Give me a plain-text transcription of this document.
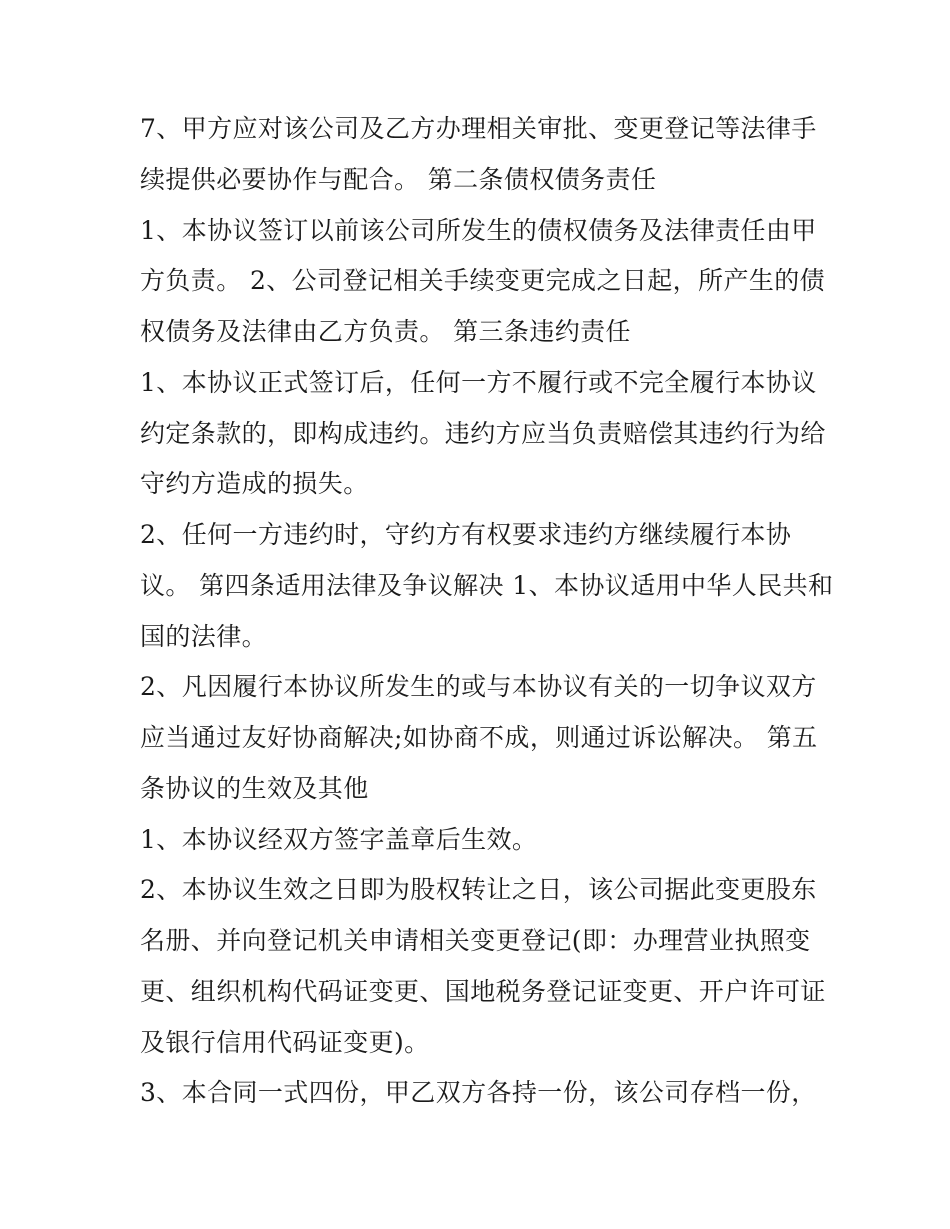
7、甲方应对该公司及乙方办理相关审批、变更登记等法律手
续提供必要协作与配合。 第二条债权债务责任
1、本协议签订以前该公司所发生的债权债务及法律责任由甲
方负责。 2、公司登记相关手续变更完成之日起，所产生的债
权债务及法律由乙方负责。 第三条违约责任
1、本协议正式签订后，任何一方不履行或不完全履行本协议
约定条款的，即构成违约。违约方应当负责赔偿其违约行为给
守约方造成的损失。
2、任何一方违约时，守约方有权要求违约方继续履行本协
议。 第四条适用法律及争议解决 1、本协议适用中华人民共和
国的法律。
2、凡因履行本协议所发生的或与本协议有关的一切争议双方
应当通过友好协商解决;如协商不成，则通过诉讼解决。 第五
条协议的生效及其他
1、本协议经双方签字盖章后生效。
2、本协议生效之日即为股权转让之日，该公司据此变更股东
名册、并向登记机关申请相关变更登记(即：办理营业执照变
更、组织机构代码证变更、国地税务登记证变更、开户许可证
及银行信用代码证变更)。
3、本合同一式四份，甲乙双方各持一份，该公司存档一份，
